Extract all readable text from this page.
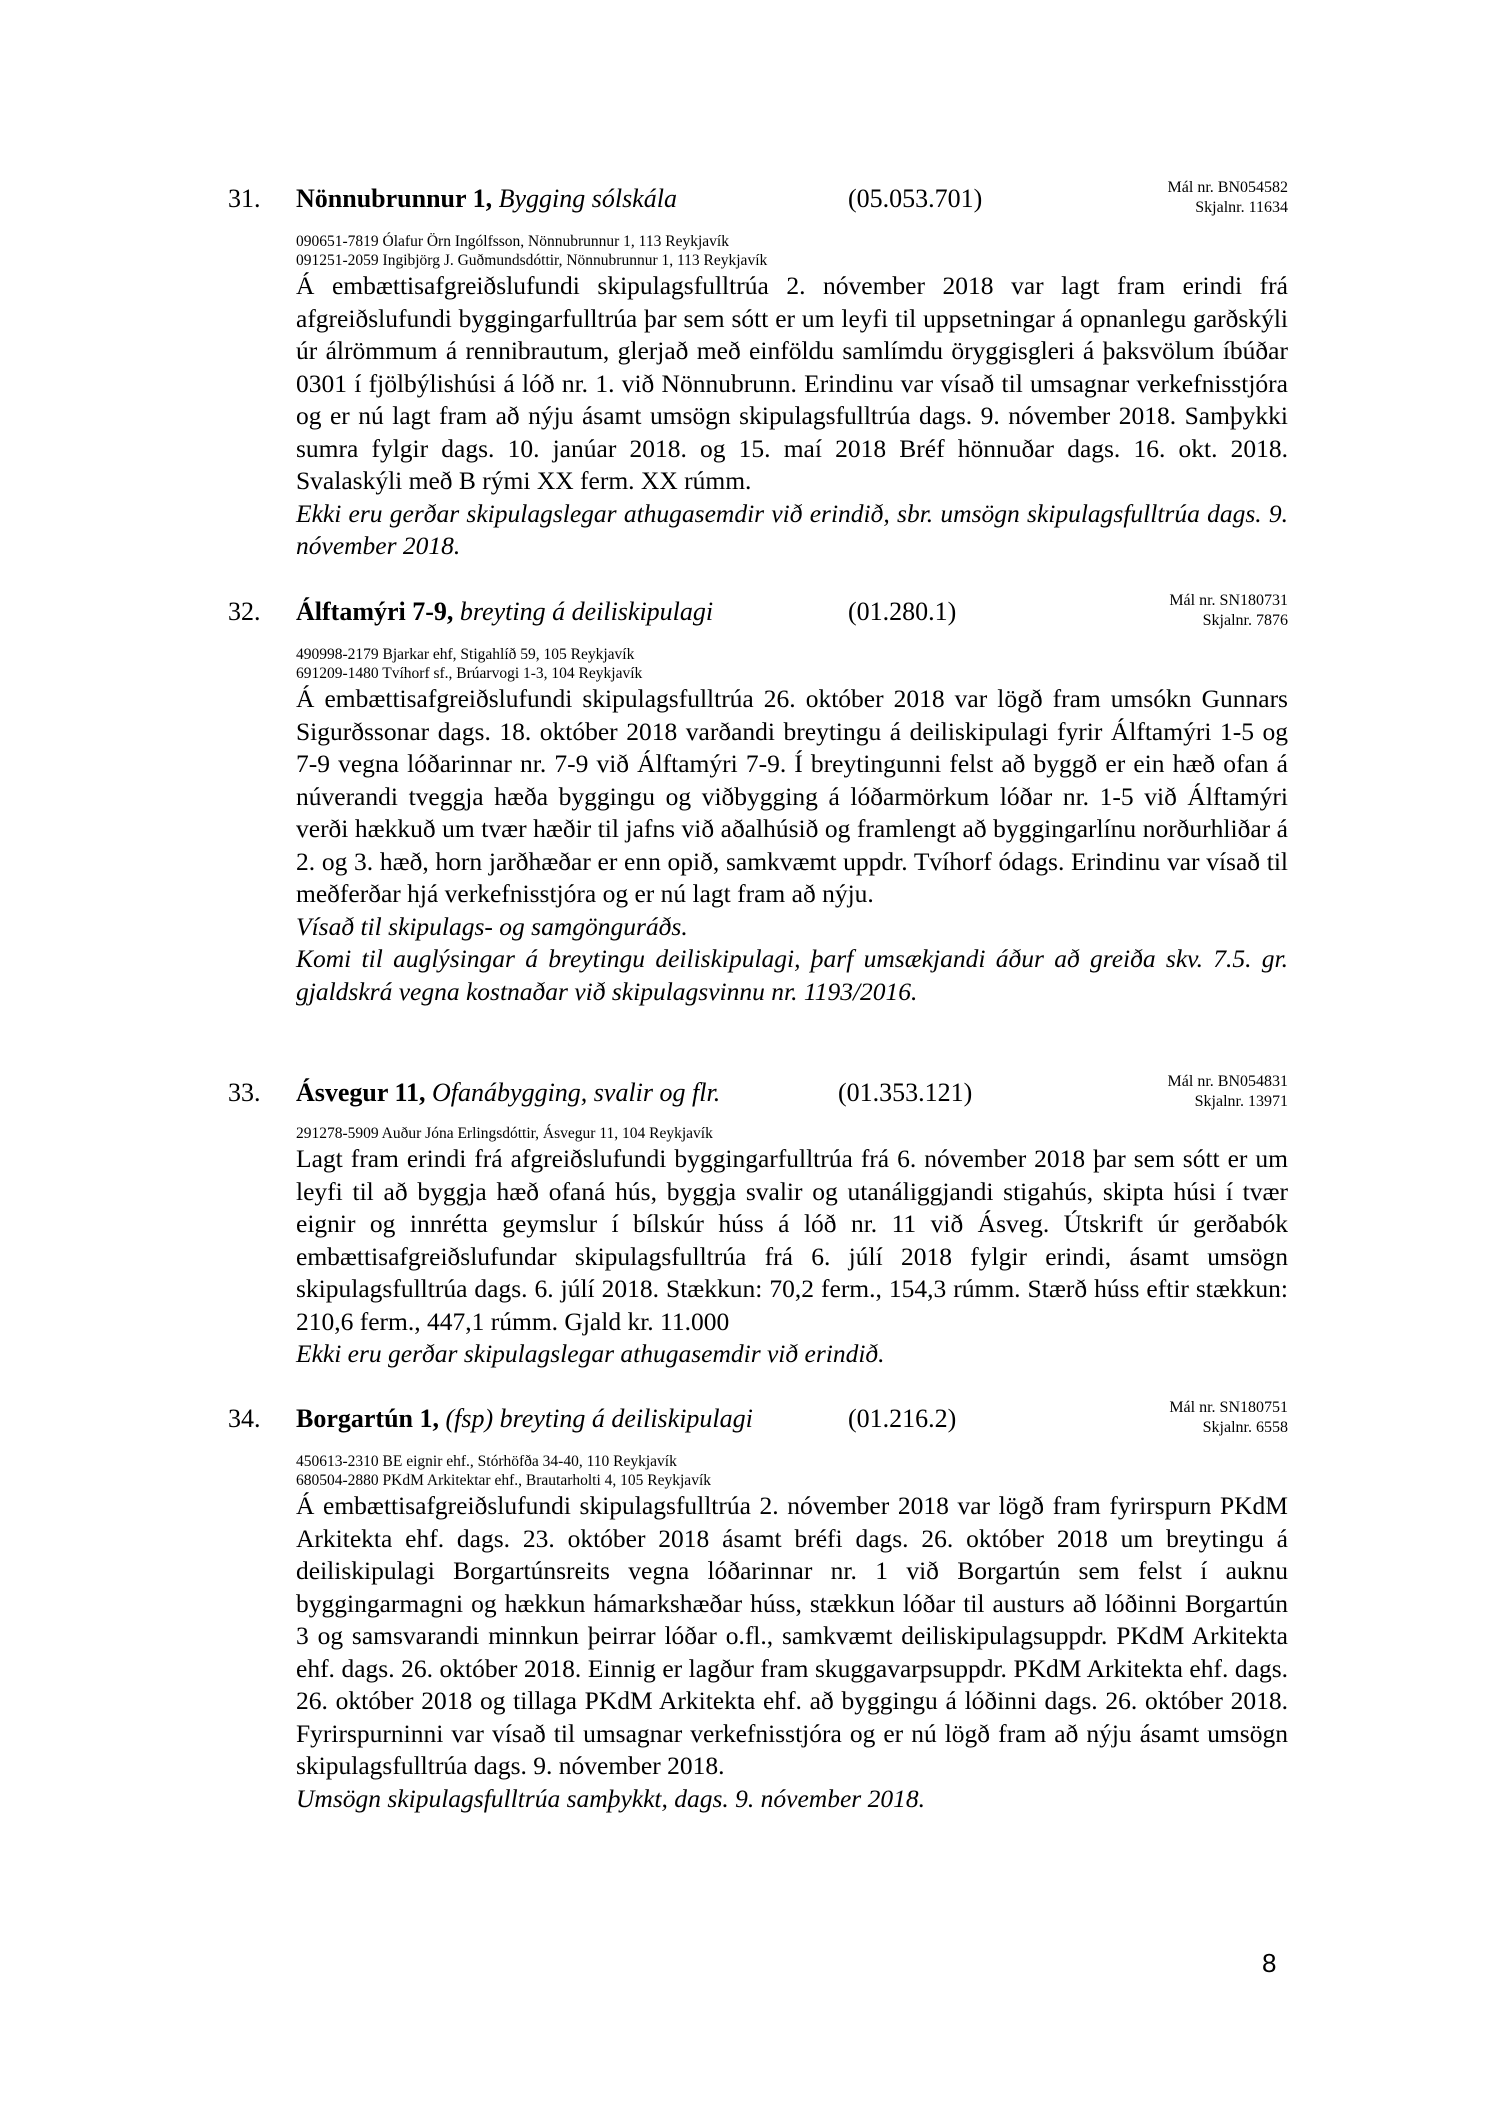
31. Nönnubrunnur 1, Bygging sólskála	(05.053.701)	Mál nr. BN054582
Skjalnr. 11634
090651-7819 Ólafur Örn Ingólfsson, Nönnubrunnur 1, 113 Reykjavík
091251-2059 Ingibjörg J. Guðmundsdóttir, Nönnubrunnur 1, 113 Reykjavík

Á embættisafgreiðslufundi skipulagsfulltrúa 2. nóvember 2018 var lagt fram erindi frá afgreiðslufundi byggingarfulltrúa þar sem sótt er um leyfi til uppsetningar á opnanlegu garðskýli úr álrömmum á rennibrautum, glerjað með einföldu samlímdu öryggisgleri á þaksvölum íbúðar 0301 í fjölbýlishúsi á lóð nr. 1. við Nönnubrunn. Erindinu var vísað til umsagnar verkefnisstjóra og er nú lagt fram að nýju ásamt umsögn skipulagsfulltrúa dags. 9. nóvember 2018. Samþykki sumra fylgir dags. 10. janúar 2018. og 15. maí 2018 Bréf hönnuðar dags. 16. okt. 2018. Svalaskýli með B rými XX ferm. XX rúmm.

Ekki eru gerðar skipulagslegar athugasemdir við erindið, sbr. umsögn skipulagsfulltrúa dags. 9. nóvember 2018.

32. Álftamýri 7-9, breyting á deiliskipulagi	(01.280.1)	Mál nr. SN180731
Skjalnr. 7876
490998-2179 Bjarkar ehf, Stigahlíð 59, 105 Reykjavík
691209-1480 Tvíhorf sf., Brúarvogi 1-3, 104 Reykjavík

Á embættisafgreiðslufundi skipulagsfulltrúa 26. október 2018 var lögð fram umsókn Gunnars Sigurðssonar dags. 18. október 2018 varðandi breytingu á deiliskipulagi fyrir Álftamýri 1-5 og 7-9 vegna lóðarinnar nr. 7-9 við Álftamýri 7-9. Í breytingunni felst að byggð er ein hæð ofan á núverandi tveggja hæða byggingu og viðbygging á lóðarmörkum lóðar nr. 1-5 við Álftamýri verði hækkuð um tvær hæðir til jafns við aðalhúsið og framlengt að byggingarlínu norðurhliðar á 2. og 3. hæð, horn jarðhæðar er enn opið, samkvæmt uppdr. Tvíhorf ódags. Erindinu var vísað til meðferðar hjá verkefnisstjóra og er nú lagt fram að nýju.

Vísað til skipulags- og samgönguráðs.

Komi til auglýsingar á breytingu deiliskipulagi, þarf umsækjandi áður að greiða skv. 7.5. gr. gjaldskrá vegna kostnaðar við skipulagsvinnu nr. 1193/2016.

33. Ásvegur 11, Ofanábygging, svalir og flr.	(01.353.121)	Mál nr. BN054831
Skjalnr. 13971
291278-5909 Auður Jóna Erlingsdóttir, Ásvegur 11, 104 Reykjavík

Lagt fram erindi frá afgreiðslufundi byggingarfulltrúa frá 6. nóvember 2018 þar sem sótt er um leyfi til að byggja hæð ofaná hús, byggja svalir og utanáliggjandi stigahús, skipta húsi í tvær eignir og innrétta geymslur í bílskúr húss á lóð nr. 11 við Ásveg. Útskrift úr gerðabók embættisafgreiðslufundar skipulagsfulltrúa frá 6. júlí 2018 fylgir erindi, ásamt umsögn skipulagsfulltrúa dags. 6. júlí 2018. Stækkun: 70,2 ferm., 154,3 rúmm. Stærð húss eftir stækkun: 210,6 ferm., 447,1 rúmm. Gjald kr. 11.000

Ekki eru gerðar skipulagslegar athugasemdir við erindið.

34. Borgartún 1, (fsp) breyting á deiliskipulagi	(01.216.2)	Mál nr. SN180751
Skjalnr. 6558
450613-2310 BE eignir ehf., Stórhöfða 34-40, 110 Reykjavík
680504-2880 PKdM Arkitektar ehf., Brautarholti 4, 105 Reykjavík

Á embættisafgreiðslufundi skipulagsfulltrúa 2. nóvember 2018 var lögð fram fyrirspurn PKdM Arkitekta ehf. dags. 23. október 2018 ásamt bréfi dags. 26. október 2018 um breytingu á deiliskipulagi Borgartúnsreits vegna lóðarinnar nr. 1 við Borgartún sem felst í auknu byggingarmagni og hækkun hámarkshæðar húss, stækkun lóðar til austurs að lóðinni Borgartún 3 og samsvarandi minnkun þeirrar lóðar o.fl., samkvæmt deiliskipulagsuppdr. PKdM Arkitekta ehf. dags. 26. október 2018. Einnig er lagður fram skuggavarpsuppdr. PKdM Arkitekta ehf. dags. 26. október 2018 og tillaga PKdM Arkitekta ehf. að byggingu á lóðinni dags. 26. október 2018. Fyrirspurninni var vísað til umsagnar verkefnisstjóra og er nú lögð fram að nýju ásamt umsögn skipulagsfulltrúa dags. 9. nóvember 2018.

Umsögn skipulagsfulltrúa samþykkt, dags. 9. nóvember 2018.

8
